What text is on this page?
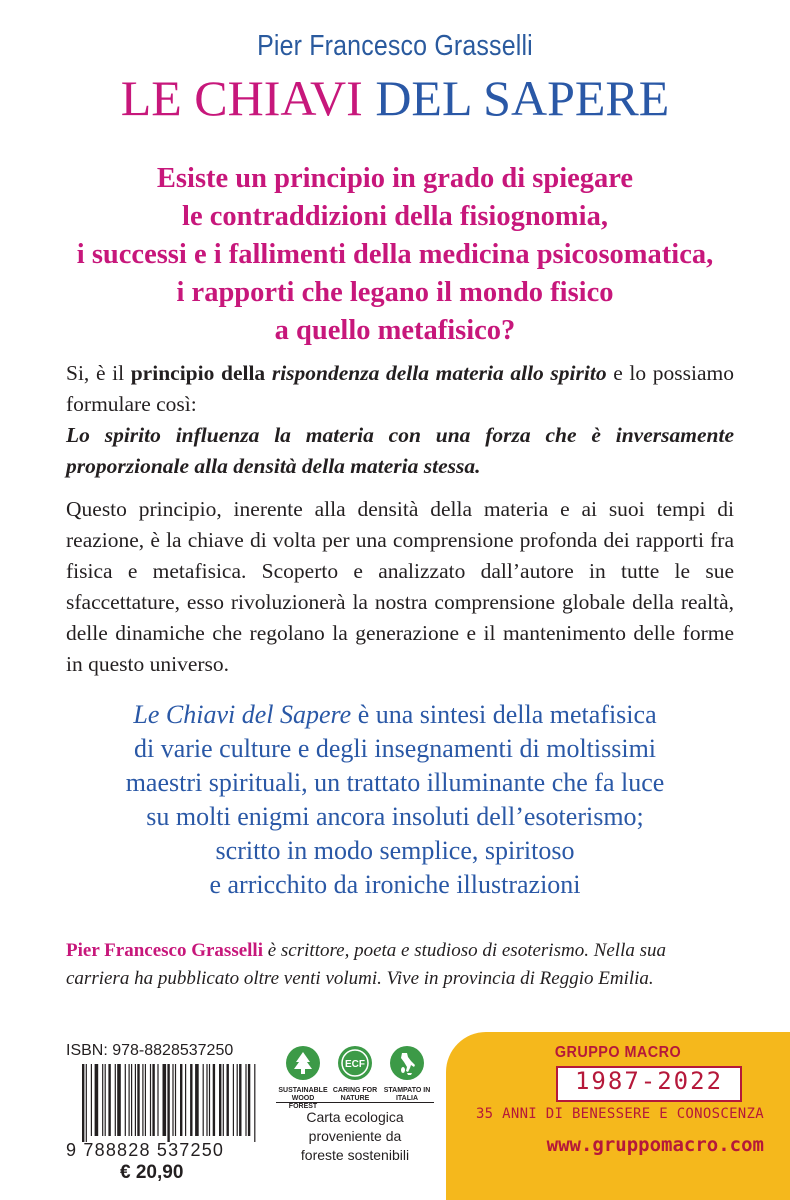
Pier Francesco Grasselli
LE CHIAVI DEL SAPERE
Esiste un principio in grado di spiegare
le contraddizioni della fisiognomia,
i successi e i fallimenti della medicina psicosomatica,
i rapporti che legano il mondo fisico
a quello metafisico?
Si, è il principio della rispondenza della materia allo spirito e lo possiamo formulare così:
Lo spirito influenza la materia con una forza che è inversamente proporzionale alla densità della materia stessa.
Questo principio, inerente alla densità della materia e ai suoi tempi di reazione, è la chiave di volta per una comprensione profonda dei rapporti fra fisica e metafisica. Scoperto e analizzato dall’autore in tutte le sue sfaccettature, esso rivoluzionerà la nostra comprensione globale della realtà, delle dinamiche che regolano la generazione e il mantenimento delle forme in questo universo.
Le Chiavi del Sapere è una sintesi della metafisica
di varie culture e degli insegnamenti di moltissimi
maestri spirituali, un trattato illuminante che fa luce
su molti enigmi ancora insoluti dell’esoterismo;
scritto in modo semplice, spiritoso
e arricchito da ironiche illustrazioni
Pier Francesco Grasselli è scrittore, poeta e studioso di esoterismo. Nella sua carriera ha pubblicato oltre venti volumi. Vive in provincia di Reggio Emilia.
ISBN: 978-8828537250
9 788828 537250
€ 20,90
SUSTAINABLE WOOD FOREST
ECF
CARING FOR NATURE
STAMPATO IN ITALIA
Carta ecologica
proveniente da
foreste sostenibili
GRUPPO MACRO
1987-2022
35 ANNI DI BENESSERE E CONOSCENZA
www.gruppomacro.com
